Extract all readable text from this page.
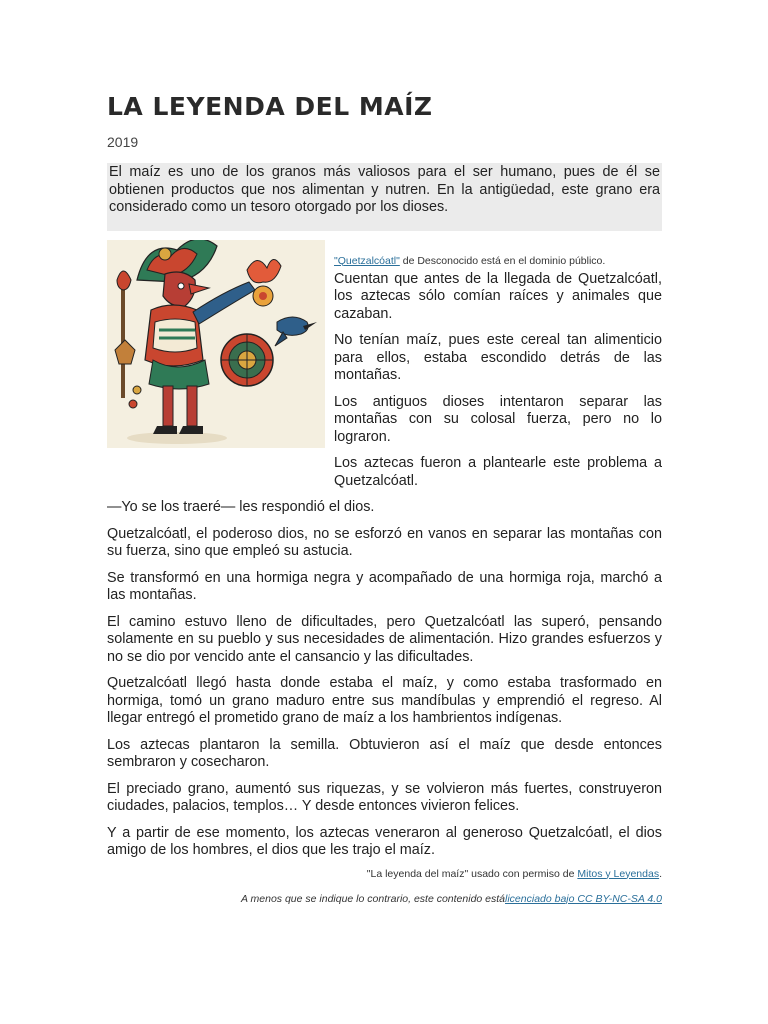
LA LEYENDA DEL MAÍZ
2019
El maíz es uno de los granos más valiosos para el ser humano, pues de él se obtienen productos que nos alimentan y nutren. En la antigüedad, este grano era considerado como un tesoro otorgado por los dioses.
"Quetzalcóatl" de Desconocido está en el dominio público.

Cuentan que antes de la llegada de Quetzalcóatl, los aztecas sólo comían raíces y animales que cazaban.

No tenían maíz, pues este cereal tan alimenticio para ellos, estaba escondido detrás de las montañas.

Los antiguos dioses intentaron separar las montañas con su colosal fuerza, pero no lo lograron.

Los aztecas fueron a plantearle este problema a Quetzalcóatl.

—Yo se los traeré— les respondió el dios.

Quetzalcóatl, el poderoso dios, no se esforzó en vanos en separar las montañas con su fuerza, sino que empleó su astucia.

Se transformó en una hormiga negra y acompañado de una hormiga roja, marchó a las montañas.

El camino estuvo lleno de dificultades, pero Quetzalcóatl las superó, pensando solamente en su pueblo y sus necesidades de alimentación. Hizo grandes esfuerzos y no se dio por vencido ante el cansancio y las dificultades.

Quetzalcóatl llegó hasta donde estaba el maíz, y como estaba trasformado en hormiga, tomó un grano maduro entre sus mandíbulas y emprendió el regreso. Al llegar entregó el prometido grano de maíz a los hambrientos indígenas.

Los aztecas plantaron la semilla. Obtuvieron así el maíz que desde entonces sembraron y cosecharon.

El preciado grano, aumentó sus riquezas, y se volvieron más fuertes, construyeron ciudades, palacios, templos… Y desde entonces vivieron felices.

Y a partir de ese momento, los aztecas veneraron al generoso Quetzalcóatl, el dios amigo de los hombres, el dios que les trajo el maíz.

"La leyenda del maíz" usado con permiso de Mitos y Leyendas.
A menos que se indique lo contrario, este contenido estálicenciado bajo CC BY-NC-SA 4.0
